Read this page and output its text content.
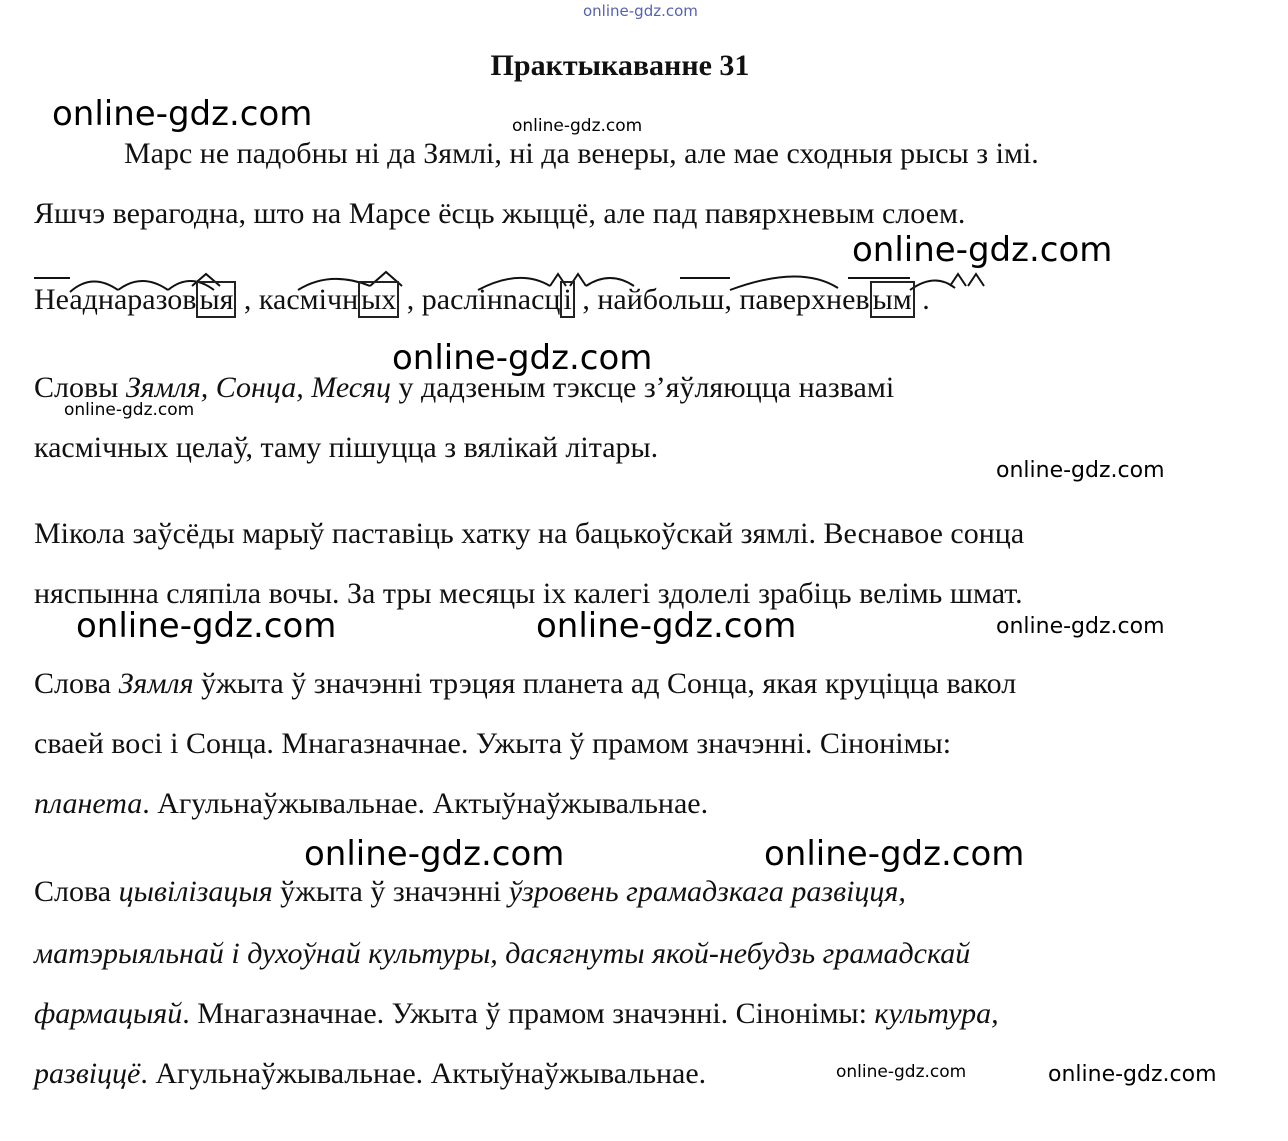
online-gdz.com
Практыкаванне 31
online-gdz.com	online-gdz.com
Марс не падобны ні да Зямлі, ні да венеры, але мае сходныя рысы з імі.
Яшчэ верагодна, што на Марсе ёсць жыццё, але пад павярхневым слоем.
online-gdz.com
Неаднаразов ыя , касмічн ых , раслінnасц і , найбольш, паверхнев ым .
online-gdz.com
Словы Зямля, Сонца, Месяц у дадзеным тэксце з’яўляюцца назвамі
online-gdz.com
касмічных целаў, таму пішуцца з вялікай літары.
online-gdz.com
Мікола заўсёды марыў паставіць хатку на бацькоўскай зямлі. Веснавое сонца
няспынна сляпіла вочы. За тры месяцы іх калегі здолелі зрабіць велімь шмат.
online-gdz.com	online-gdz.com	online-gdz.com
Слова Зямля ўжыта ў значэнні трэцяя планета ад Сонца, якая круціцца вакол
сваей восі і Сонца. Мнагазначнае. Ужыта ў прамом значэнні. Сінонімы:
планета. Агульнаўжывальнае. Актыўнаўжывальнае.
online-gdz.com	online-gdz.com
Слова цывілізацыя ўжыта ў значэнні ўзровень грамадзкага развіцця,
матэрыяльнай і духоўнай культуры, дасягнуты якой-небудзь грамадскай
фармацыяй. Мнагазначнае. Ужыта ў прамом значэнні. Сінонімы: культура,
развіццё. Агульнаўжывальнае. Актыўнаўжывальнае.	online-gdz.com	online-gdz.com
